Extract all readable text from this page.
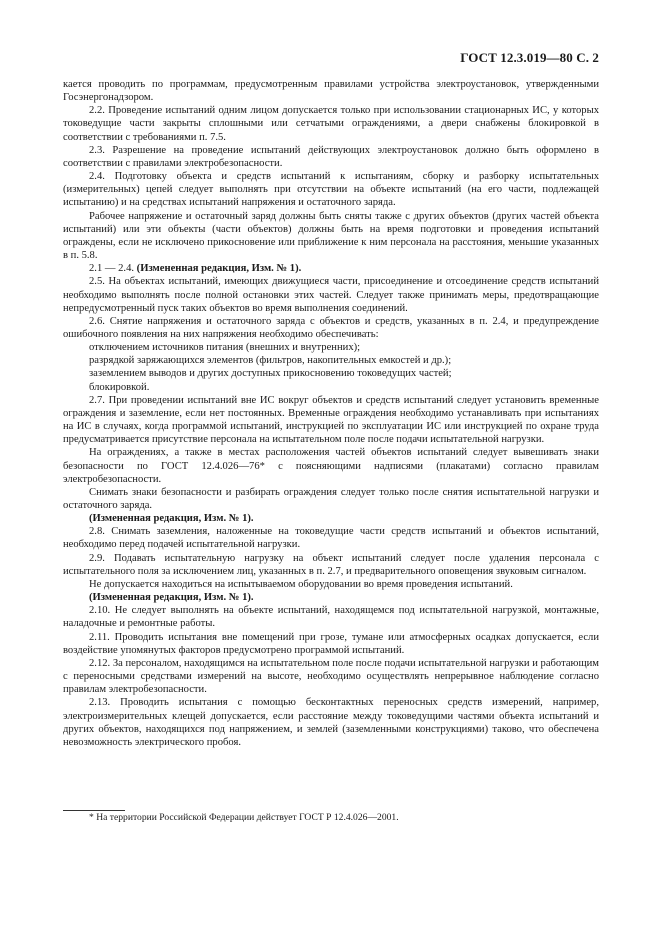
ГОСТ 12.3.019—80 С. 2

кается проводить по программам, предусмотренным правилами устройства электроустановок, утвержденными Госэнергонадзором.

2.2. Проведение испытаний одним лицом допускается только при использовании стационарных ИС, у которых токоведущие части закрыты сплошными или сетчатыми ограждениями, а двери снабжены блокировкой в соответствии с требованиями п. 7.5.

2.3. Разрешение на проведение испытаний действующих электроустановок должно быть оформлено в соответствии с правилами электробезопасности.

2.4. Подготовку объекта и средств испытаний к испытаниям, сборку и разборку испытательных (измерительных) цепей следует выполнять при отсутствии на объекте испытаний (на его части, подлежащей испытанию) и на средствах испытаний напряжения и остаточного заряда.

Рабочее напряжение и остаточный заряд должны быть сняты также с других объектов (других частей объекта испытаний) или эти объекты (части объектов) должны быть на время подготовки и проведения испытаний ограждены, если не исключено прикосновение или приближение к ним персонала на расстояния, меньшие указанных в п. 5.8.

2.1 — 2.4. (Измененная редакция, Изм. № 1).

2.5. На объектах испытаний, имеющих движущиеся части, присоединение и отсоединение средств испытаний необходимо выполнять после полной остановки этих частей. Следует также принимать меры, предотвращающие непредусмотренный пуск таких объектов во время выполнения соединений.

2.6. Снятие напряжения и остаточного заряда с объектов и средств, указанных в п. 2.4, и предупреждение ошибочного появления на них напряжения необходимо обеспечивать:

отключением источников питания (внешних и внутренних);

разрядкой заряжающихся элементов (фильтров, накопительных емкостей и др.);

заземлением выводов и других доступных прикосновению токоведущих частей;

блокировкой.

2.7. При проведении испытаний вне ИС вокруг объектов и средств испытаний следует установить временные ограждения и заземление, если нет постоянных. Временные ограждения необходимо устанавливать при испытаниях на ИС в случаях, когда программой испытаний, инструкцией по эксплуатации ИС или инструкцией по охране труда предусматривается присутствие персонала на испытательном поле после подачи испытательной нагрузки.

На ограждениях, а также в местах расположения частей объектов испытаний следует вывешивать знаки безопасности по ГОСТ 12.4.026—76* с поясняющими надписями (плакатами) согласно правилам электробезопасности.

Снимать знаки безопасности и разбирать ограждения следует только после снятия испытательной нагрузки и остаточного заряда.

(Измененная редакция, Изм. № 1).

2.8. Снимать заземления, наложенные на токоведущие части средств испытаний и объектов испытаний, необходимо перед подачей испытательной нагрузки.

2.9. Подавать испытательную нагрузку на объект испытаний следует после удаления персонала с испытательного поля за исключением лиц, указанных в п. 2.7, и предварительного оповещения звуковым сигналом.

Не допускается находиться на испытываемом оборудовании во время проведения испытаний.

(Измененная редакция, Изм. № 1).

2.10. Не следует выполнять на объекте испытаний, находящемся под испытательной нагрузкой, монтажные, наладочные и ремонтные работы.

2.11. Проводить испытания вне помещений при грозе, тумане или атмосферных осадках допускается, если воздействие упомянутых факторов предусмотрено программой испытаний.

2.12. За персоналом, находящимся на испытательном поле после подачи испытательной нагрузки и работающим с переносными средствами измерений на высоте, необходимо осуществлять непрерывное наблюдение согласно правилам электробезопасности.

2.13. Проводить испытания с помощью бесконтактных переносных средств измерений, например, электроизмерительных клещей допускается, если расстояние между токоведущими частями объекта испытаний и других объектов, находящихся под напряжением, и землей (заземленными конструкциями) таково, что обеспечена невозможность электрического пробоя.

* На территории Российской Федерации действует ГОСТ Р 12.4.026—2001.
